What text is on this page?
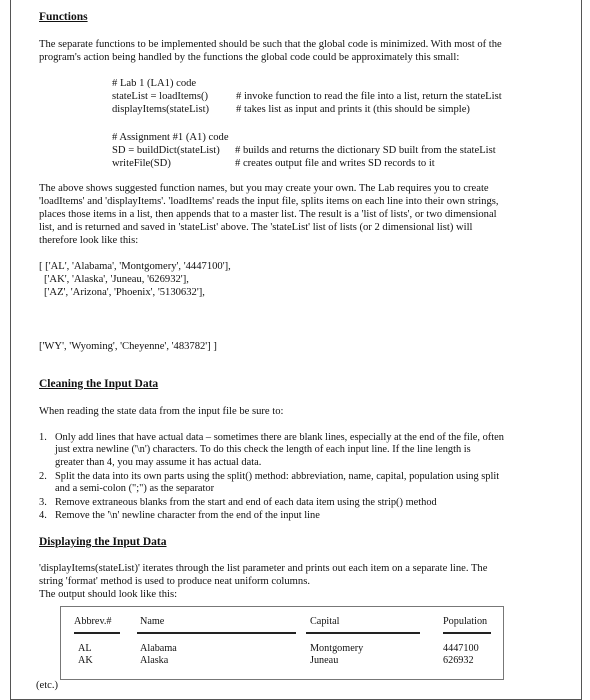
Functions
The separate functions to be implemented should be such that the global code is minimized. With most of the
program's action being handled by the functions the global code could be approximately this small:
# Lab 1 (LA1) code
stateList = loadItems()	# invoke function to read the file into a list, return the stateList
displayItems(stateList)	# takes list as input and prints it (this should be simple)
# Assignment #1 (A1) code
SD = buildDict(stateList) # builds and returns the dictionary SD built from the stateList
writeFile(SD)	# creates output file and writes SD records to it
The above shows suggested function names, but you may create your own. The Lab requires you to create
'loadItems' and 'displayItems'. 'loadItems' reads the input file, splits items on each line into their own strings,
places those items in a list, then appends that to a master list. The result is a 'list of lists', or two dimensional
list, and is returned and saved in 'stateList' above. The 'stateList' list of lists (or 2 dimensional list) will
therefore look like this:
[ ['AL', 'Alabama', 'Montgomery', '4447100'],
['AK', 'Alaska', 'Juneau, '626932'],
['AZ', 'Arizona', 'Phoenix', '5130632'],
['WY', 'Wyoming', 'Cheyenne', '483782'] ]
Cleaning the Input Data
When reading the state data from the input file be sure to:
1. Only add lines that have actual data – sometimes there are blank lines, especially at the end of the file, often
just extra newline ('\n') characters. To do this check the length of each input line. If the line length is
greater than 4, you may assume it has actual data.
2. Split the data into its own parts using the split() method: abbreviation, name, capital, population using split
and a semi-colon (";") as the separator
3. Remove extraneous blanks from the start and end of each data item using the strip() method
4. Remove the '\n' newline character from the end of the input line
Displaying the Input Data
'displayItems(stateList)' iterates through the list parameter and prints out each item on a separate line. The
string 'format' method is used to produce neat uniform columns.
The output should look like this:
Abbrev.#	Name	Capital	Population
AL	Alabama	Montgomery	4447100
AK	Alaska	Juneau	626932
(etc.)
